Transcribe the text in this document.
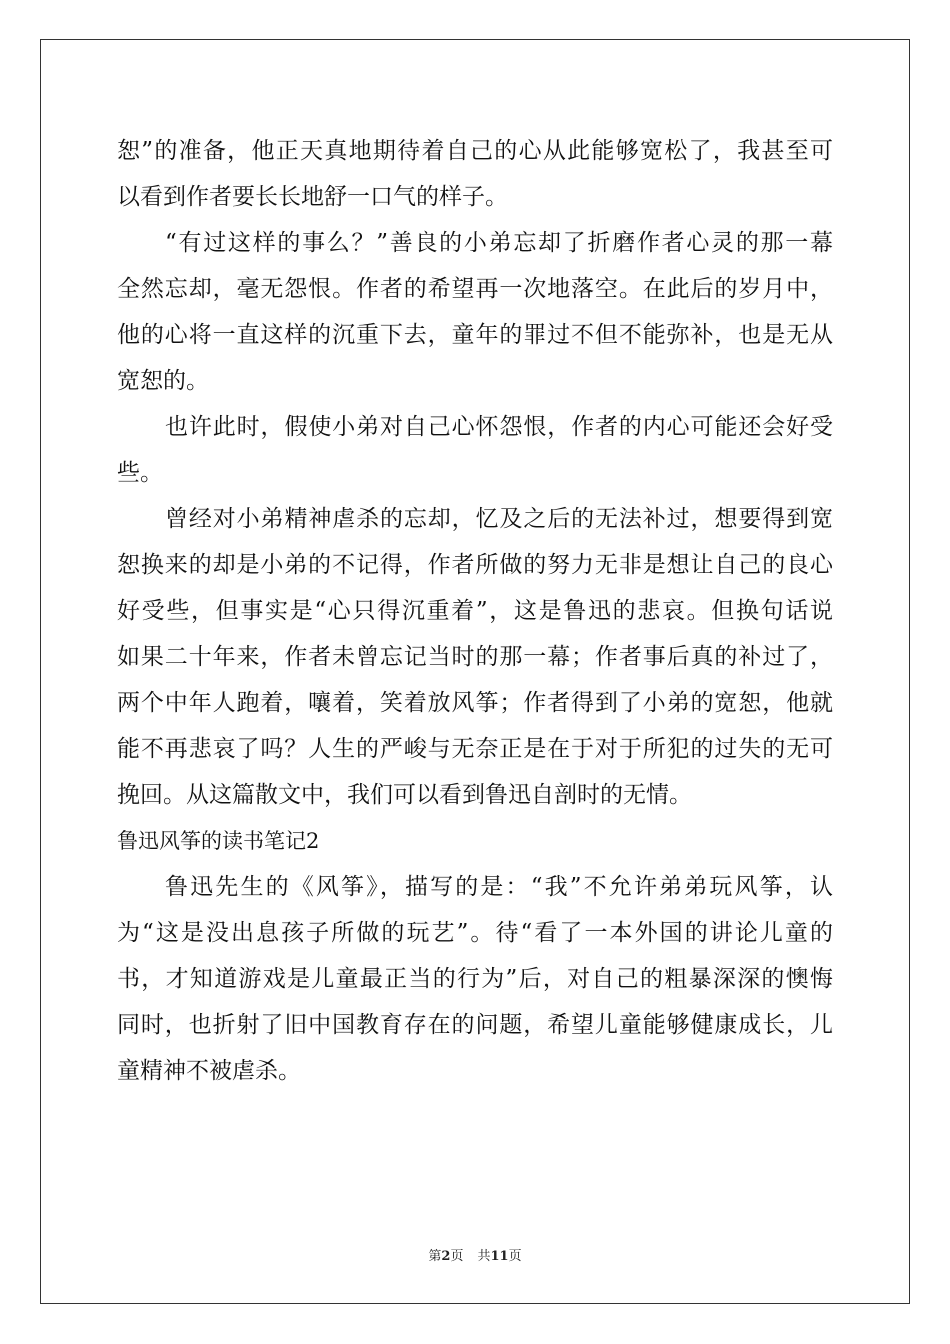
恕”的准备，他正天真地期待着自己的心从此能够宽松了，我甚至可
以看到作者要长长地舒一口气的样子。
“有过这样的事么？”善良的小弟忘却了折磨作者心灵的那一幕
全然忘却，毫无怨恨。作者的希望再一次地落空。在此后的岁月中，
他的心将一直这样的沉重下去，童年的罪过不但不能弥补，也是无从
宽恕的。
也许此时，假使小弟对自己心怀怨恨，作者的内心可能还会好受
些。
曾经对小弟精神虐杀的忘却，忆及之后的无法补过，想要得到宽
恕换来的却是小弟的不记得，作者所做的努力无非是想让自己的良心
好受些，但事实是“心只得沉重着”，这是鲁迅的悲哀。但换句话说
如果二十年来，作者未曾忘记当时的那一幕；作者事后真的补过了，
两个中年人跑着，嚷着，笑着放风筝；作者得到了小弟的宽恕，他就
能不再悲哀了吗？人生的严峻与无奈正是在于对于所犯的过失的无可
挽回。从这篇散文中，我们可以看到鲁迅自剖时的无情。
鲁迅风筝的读书笔记2
鲁迅先生的《风筝》，描写的是：“我”不允许弟弟玩风筝，认
为“这是没出息孩子所做的玩艺”。待“看了一本外国的讲论儿童的
书，才知道游戏是儿童最正当的行为”后，对自己的粗暴深深的懊悔
同时，也折射了旧中国教育存在的问题，希望儿童能够健康成长，儿
童精神不被虐杀。
第2页 共11页
